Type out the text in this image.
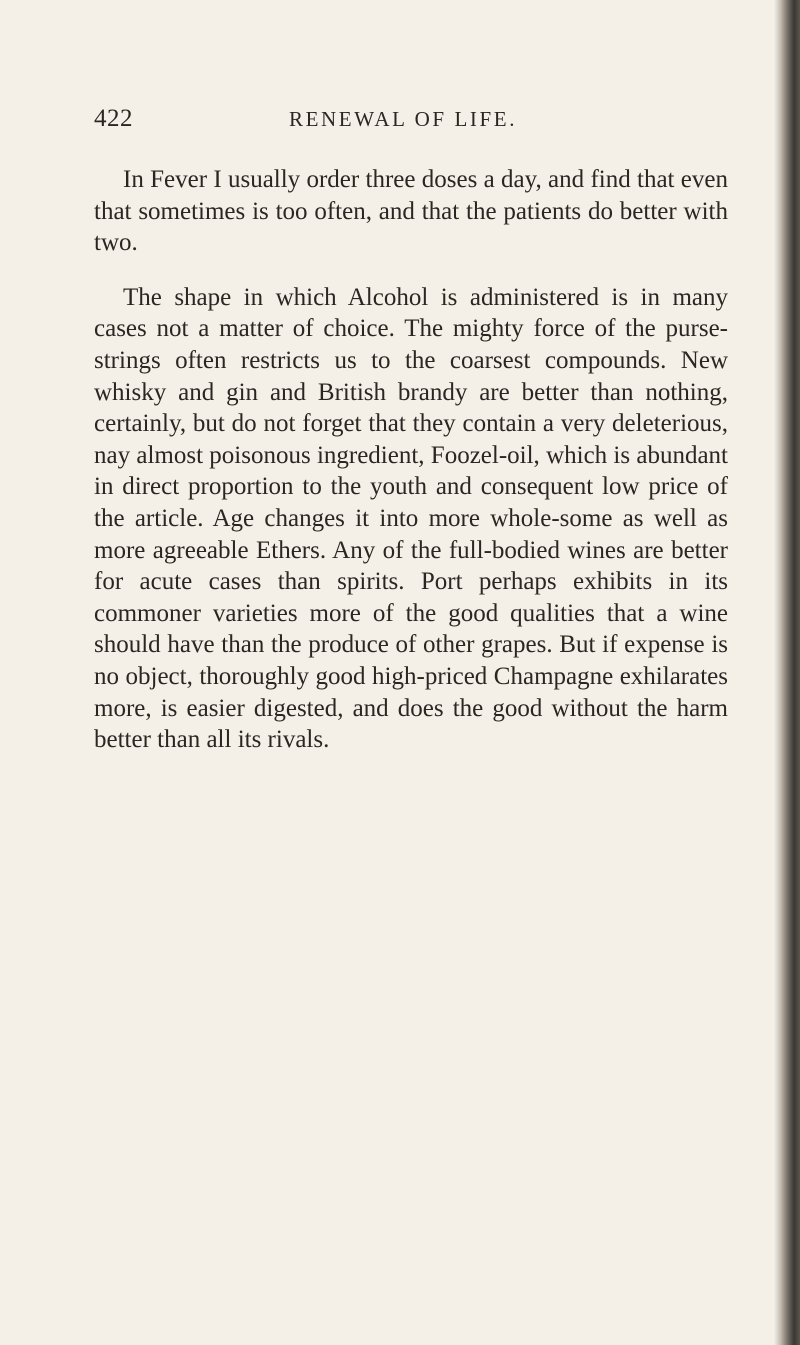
422	RENEWAL OF LIFE.

In Fever I usually order three doses a day, and find that even that sometimes is too often, and that the patients do better with two.

The shape in which Alcohol is administered is in many cases not a matter of choice. The mighty force of the purse-strings often restricts us to the coarsest compounds. New whisky and gin and British brandy are better than nothing, certainly, but do not forget that they contain a very deleterious, nay almost poisonous ingredient, Foozel-oil, which is abundant in direct proportion to the youth and consequent low price of the article. Age changes it into more whole-some as well as more agreeable Ethers. Any of the full-bodied wines are better for acute cases than spirits. Port perhaps exhibits in its commoner varieties more of the good qualities that a wine should have than the produce of other grapes. But if expense is no object, thoroughly good high-priced Champagne exhilarates more, is easier digested, and does the good without the harm better than all its rivals.
